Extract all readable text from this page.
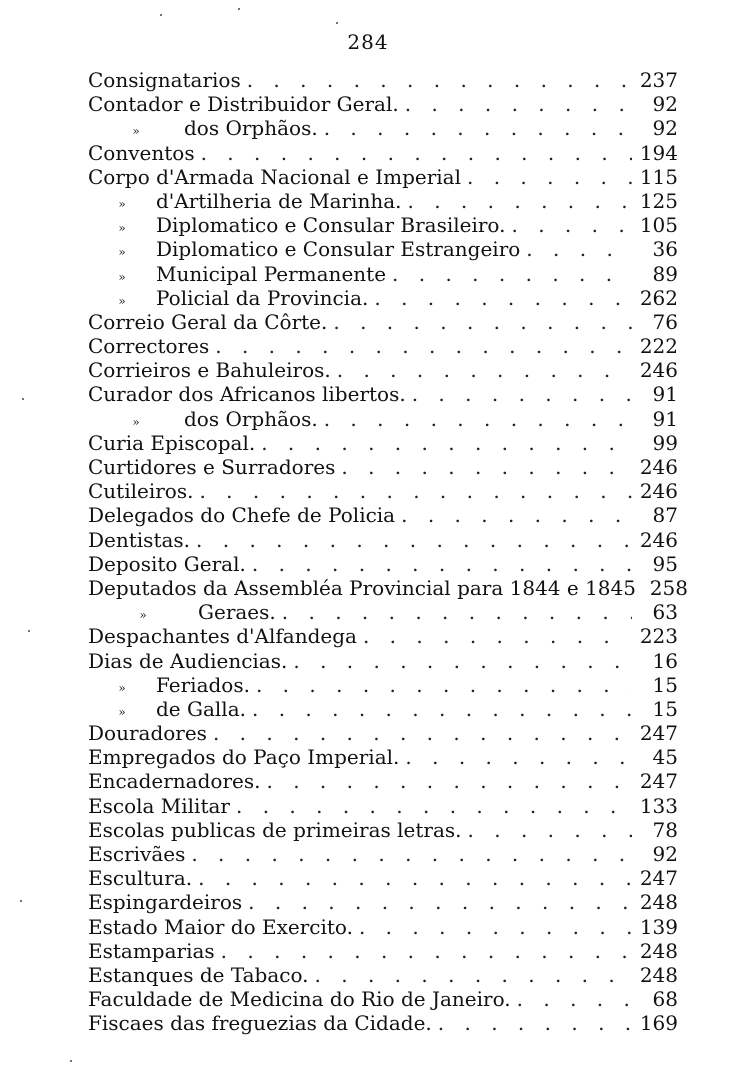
284
Consignatarios . . .	237
Contador e Distribuidor Geral. . . .	92
»	dos Orphãos. . . .	92
Conventos . . .	194
Corpo d'Armada Nacional e Imperial . . .	115
»	d'Artilheria de Marinha. . . .	125
»	Diplomatico e Consular Brasileiro. . . .	105
»	Diplomatico e Consular Estrangeiro . . .	36
»	Municipal Permanente . . .	89
»	Policial da Provincia. . . .	262
Correio Geral da Côrte. . . .	76
Correctores . . .	222
Corrieiros e Bahuleiros. . . .	246
Curador dos Africanos libertos. . . .	91
»	dos Orphãos. . . .	91
Curia Episcopal. . . .	99
Curtidores e Surradores . . .	246
Cutileiros. . . .	246
Delegados do Chefe de Policia . . .	87
Dentistas. . . .	246
Deposito Geral. . . .	95
Deputados da Assembléa Provincial para 1844 e 1845 . . . 258
»	Geraes. . . .	63
Despachantes d'Alfandega . . .	223
Dias de Audiencias. . . .	16
»	Feriados. . . .	15
»	de Galla. . . .	15
Douradores . . .	247
Empregados do Paço Imperial. . . .	45
Encadernadores. . . .	247
Escola Militar . . .	133
Escolas publicas de primeiras letras. . . .	78
Escrivães . . .	92
Escultura. . . .	247
Espingardeiros . . .	248
Estado Maior do Exercito. . . .	139
Estamparias . . .	248
Estanques de Tabaco. . . .	248
Faculdade de Medicina do Rio de Janeiro. . . .	68
Fiscaes das freguezias da Cidade. . . .	169
